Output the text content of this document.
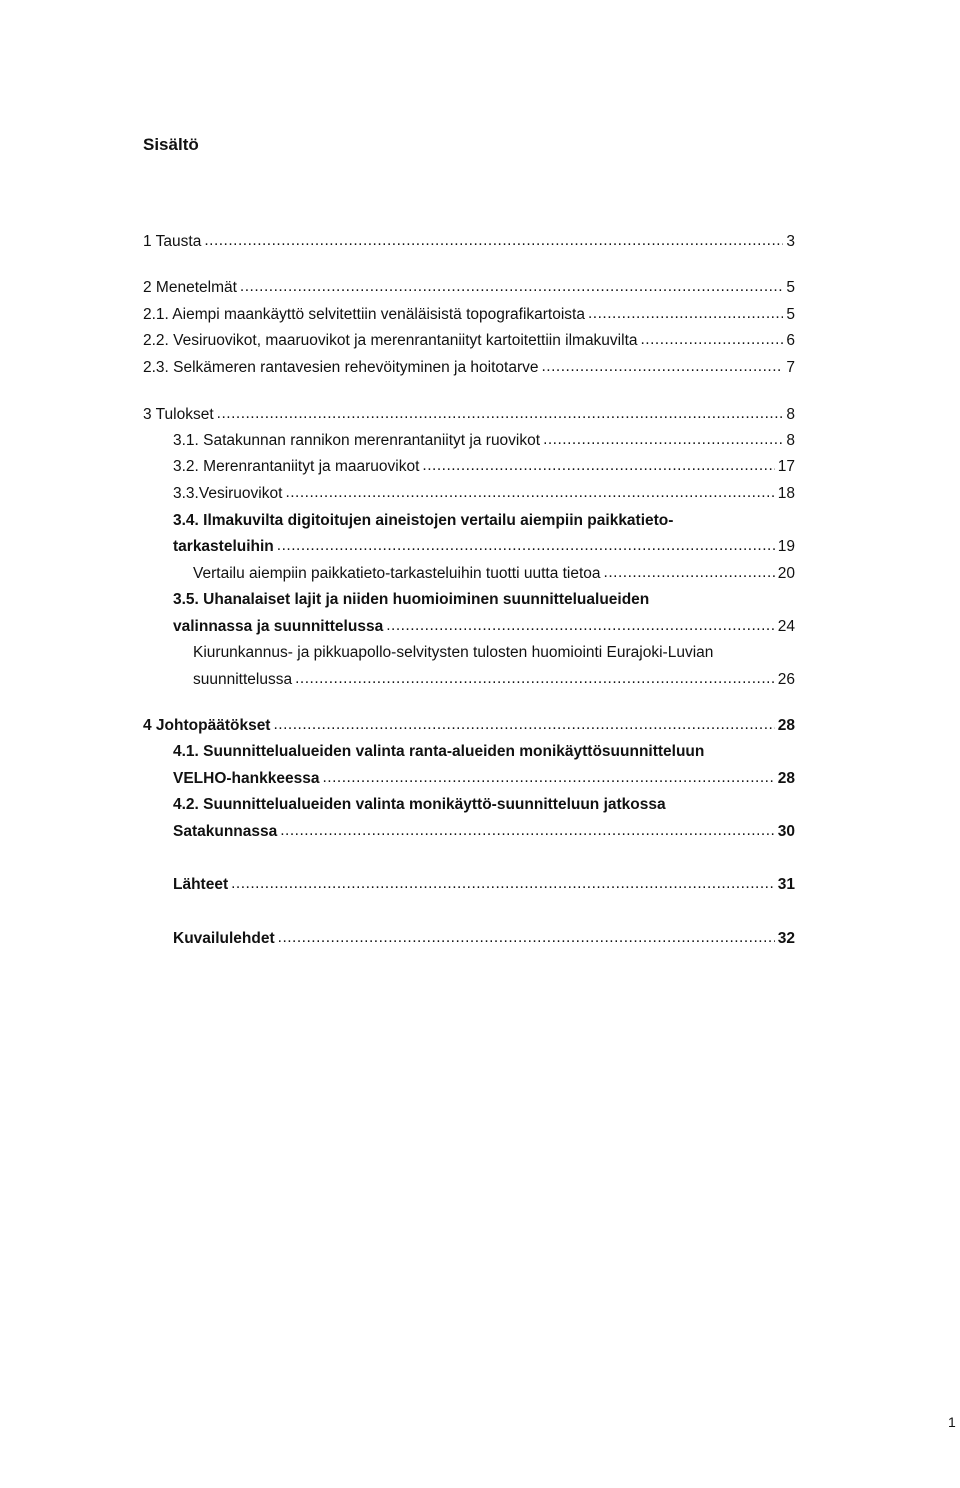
Sisältö
1 Tausta .....	3
2 Menetelmät .....	5
2.1. Aiempi maankäyttö selvitettiin venäläisistä topografikartoista .....	5
2.2. Vesiruovikot, maaruovikot ja merenrantaniityt kartoitettiin ilmakuvilta .....	6
2.3. Selkämeren rantavesien rehevöityminen ja hoitotarve .....	7
3 Tulokset .....	8
3.1. Satakunnan rannikon merenrantaniityt ja ruovikot .....	8
3.2. Merenrantaniityt ja maaruovikot .....	17
3.3.Vesiruovikot .....	18
3.4. Ilmakuvilta digitoitujen aineistojen vertailu aiempiin paikkatieto-
tarkasteluihin .....	19
Vertailu aiempiin paikkatieto-tarkasteluihin tuotti uutta tietoa .....	20
3.5. Uhanalaiset lajit ja niiden huomioiminen suunnittelualueiden
valinnassa ja suunnittelussa .....	24
Kiurunkannus- ja pikkuapollo-selvitysten tulosten huomiointi Eurajoki-Luvian
suunnittelussa .....	26
4 Johtopäätökset .....	28
4.1. Suunnittelualueiden valinta ranta-alueiden monikäyttösuunnitteluun
VELHO-hankkeessa .....	28
4.2. Suunnittelualueiden valinta monikäyttö-suunnitteluun jatkossa
Satakunnassa .....	30
Lähteet .....	31
Kuvailulehdet .....	32
1
